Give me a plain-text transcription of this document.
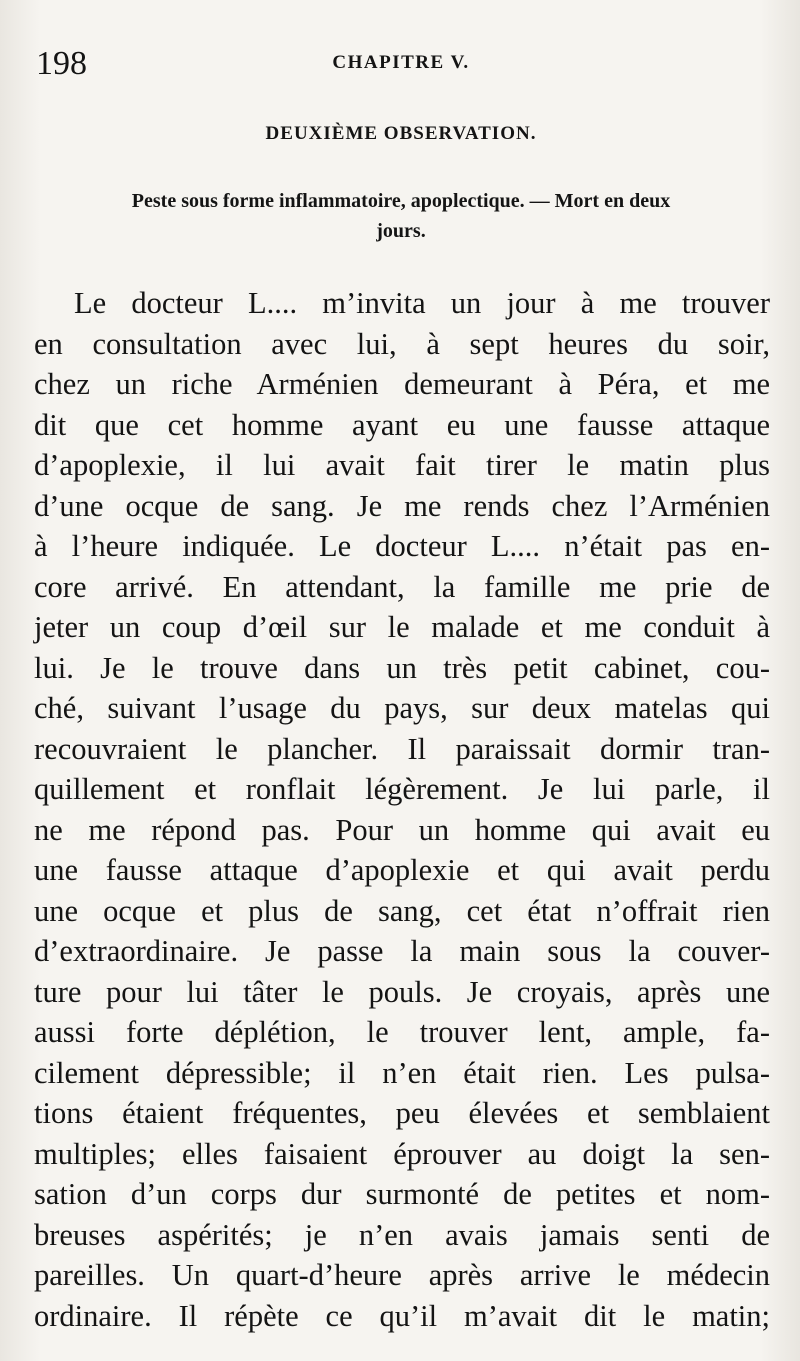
198	CHAPITRE V.
DEUXIÈME OBSERVATION.
Peste sous forme inflammatoire, apoplectique. — Mort en deux
jours.
Le docteur L.... m’invita un jour à me trouver
en consultation avec lui, à sept heures du soir,
chez un riche Arménien demeurant à Péra, et me
dit que cet homme ayant eu une fausse attaque
d’apoplexie, il lui avait fait tirer le matin plus
d’une ocque de sang. Je me rends chez l’Arménien
à l’heure indiquée. Le docteur L.... n’était pas en-
core arrivé. En attendant, la famille me prie de
jeter un coup d’œil sur le malade et me conduit à
lui. Je le trouve dans un très petit cabinet, cou-
ché, suivant l’usage du pays, sur deux matelas qui
recouvraient le plancher. Il paraissait dormir tran-
quillement et ronflait légèrement. Je lui parle, il
ne me répond pas. Pour un homme qui avait eu
une fausse attaque d’apoplexie et qui avait perdu
une ocque et plus de sang, cet état n’offrait rien
d’extraordinaire. Je passe la main sous la couver-
ture pour lui tâter le pouls. Je croyais, après une
aussi forte déplétion, le trouver lent, ample, fa-
cilement dépressible; il n’en était rien. Les pulsa-
tions étaient fréquentes, peu élevées et semblaient
multiples; elles faisaient éprouver au doigt la sen-
sation d’un corps dur surmonté de petites et nom-
breuses aspérités; je n’en avais jamais senti de
pareilles. Un quart-d’heure après arrive le médecin
ordinaire. Il répète ce qu’il m’avait dit le matin;
